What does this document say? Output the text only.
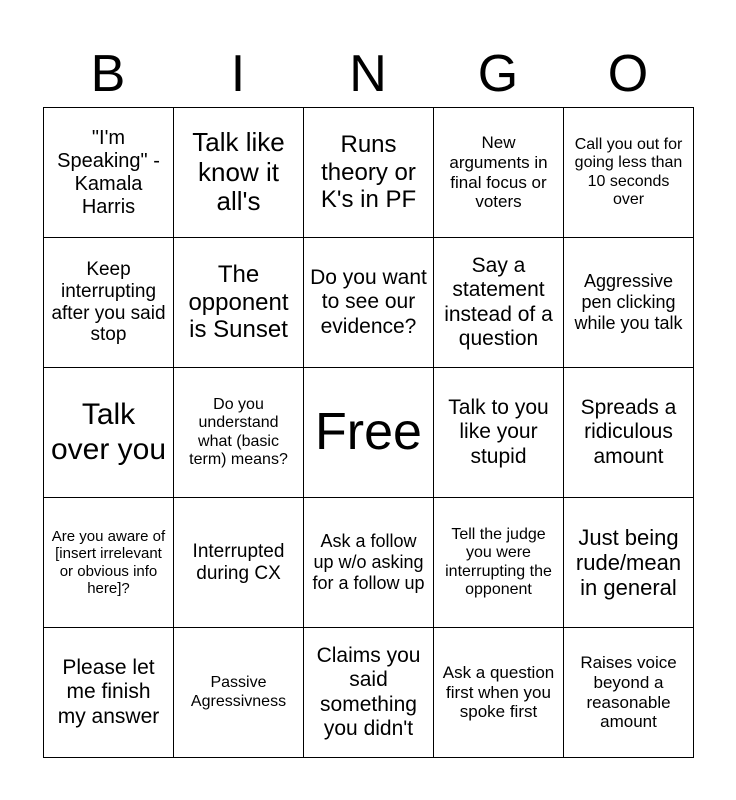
B	I	N	G	O
"I'm Speaking" - Kamala Harris	Talk like know it all's	Runs theory or K's in PF	New arguments in final focus or voters	Call you out for going less than 10 seconds over
Keep interrupting after you said stop	The opponent is Sunset	Do you want to see our evidence?	Say a statement instead of a question	Aggressive pen clicking while you talk
Talk over you	Do you understand what (basic term) means?	Free	Talk to you like your stupid	Spreads a ridiculous amount
Are you aware of [insert irrelevant or obvious info here]?	Interrupted during CX	Ask a follow up w/o asking for a follow up	Tell the judge you were interrupting the opponent	Just being rude/mean in general
Please let me finish my answer	Passive Agressivness	Claims you said something you didn't	Ask a question first when you spoke first	Raises voice beyond a reasonable amount
